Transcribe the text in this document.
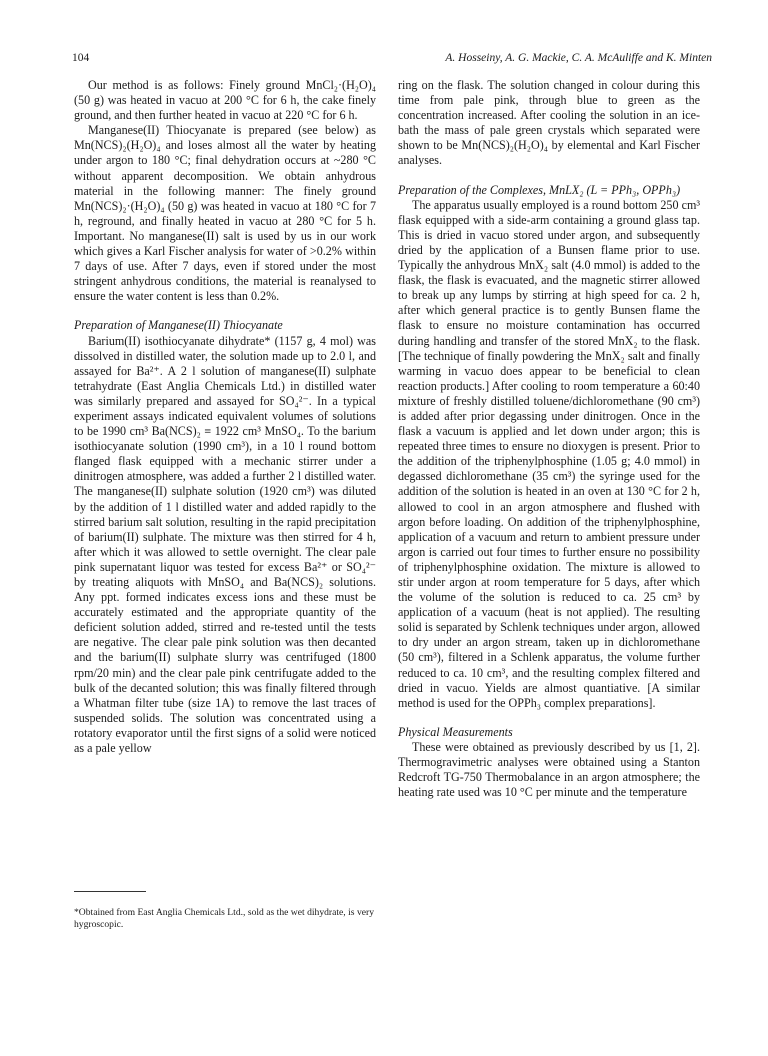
104	A. Hosseiny, A. G. Mackie, C. A. McAuliffe and K. Minten

Our method is as follows: Finely ground MnCl₂·(H₂O)₄ (50 g) was heated in vacuo at 200 °C for 6 h, the cake finely ground, and then further heated in vacuo at 220 °C for 6 h.

Manganese(II) Thiocyanate is prepared (see below) as Mn(NCS)₂(H₂O)₄ and loses almost all the water by heating under argon to 180 °C; final dehydration occurs at ~280 °C without apparent decomposition. We obtain anhydrous material in the following manner: The finely ground Mn(NCS)₂·(H₂O)₄ (50 g) was heated in vacuo at 180 °C for 7 h, reground, and finally heated in vacuo at 280 °C for 5 h. Important. No manganese(II) salt is used by us in our work which gives a Karl Fischer analysis for water of >0.2% within 7 days of use. After 7 days, even if stored under the most stringent anhydrous conditions, the material is reanalysed to ensure the water content is less than 0.2%.

Preparation of Manganese(II) Thiocyanate

Barium(II) isothiocyanate dihydrate* (1157 g, 4 mol) was dissolved in distilled water, the solution made up to 2.0 l, and assayed for Ba²⁺. A 2 l solution of manganese(II) sulphate tetrahydrate (East Anglia Chemicals Ltd.) in distilled water was similarly prepared and assayed for SO₄²⁻. In a typical experiment assays indicated equivalent volumes of solutions to be 1990 cm³ Ba(NCS)₂ ≡ 1922 cm³ MnSO₄. To the barium isothiocyanate solution (1990 cm³), in a 10 l round bottom flanged flask equipped with a mechanic stirrer under a dinitrogen atmosphere, was added a further 2 l distilled water. The manganese(II) sulphate solution (1920 cm³) was diluted by the addition of 1 l distilled water and added rapidly to the stirred barium salt solution, resulting in the rapid precipitation of barium(II) sulphate. The mixture was then stirred for 4 h, after which it was allowed to settle overnight. The clear pale pink supernatant liquor was tested for excess Ba²⁺ or SO₄²⁻ by treating aliquots with MnSO₄ and Ba(NCS)₂ solutions. Any ppt. formed indicates excess ions and these must be accurately estimated and the appropriate quantity of the deficient solution added, stirred and re-tested until the tests are negative. The clear pale pink solution was then decanted and the barium(II) sulphate slurry was centrifuged (1800 rpm/20 min) and the clear pale pink centrifugate added to the bulk of the decanted solution; this was finally filtered through a Whatman filter tube (size 1A) to remove the last traces of suspended solids. The solution was concentrated using a rotatory evaporator until the first signs of a solid were noticed as a pale yellow

*Obtained from East Anglia Chemicals Ltd., sold as the wet dihydrate, is very hygroscopic.

ring on the flask. The solution changed in colour during this time from pale pink, through blue to green as the concentration increased. After cooling the solution in an ice-bath the mass of pale green crystals which separated were shown to be Mn(NCS)₂(H₂O)₄ by elemental and Karl Fischer analyses.

Preparation of the Complexes, MnLX₂ (L = PPh₃, OPPh₃)

The apparatus usually employed is a round bottom 250 cm³ flask equipped with a side-arm containing a ground glass tap. This is dried in vacuo stored under argon, and subsequently dried by the application of a Bunsen flame prior to use. Typically the anhydrous MnX₂ salt (4.0 mmol) is added to the flask, the flask is evacuated, and the magnetic stirrer allowed to break up any lumps by stirring at high speed for ca. 2 h, after which general practice is to gently Bunsen flame the flask to ensure no moisture contamination has occurred during handling and transfer of the stored MnX₂ to the flask. [The technique of finally powdering the MnX₂ salt and finally warming in vacuo does appear to be beneficial to clean reaction products.] After cooling to room temperature a 60:40 mixture of freshly distilled toluene/dichloromethane (90 cm³) is added after prior degassing under dinitrogen. Once in the flask a vacuum is applied and let down under argon; this is repeated three times to ensure no dioxygen is present. Prior to the addition of the triphenylphosphine (1.05 g; 4.0 mmol) in degassed dichloromethane (35 cm³) the syringe used for the addition of the solution is heated in an oven at 130 °C for 2 h, allowed to cool in an argon atmosphere and flushed with argon before loading. On addition of the triphenylphosphine, application of a vacuum and return to ambient pressure under argon is carried out four times to further ensure no possibility of triphenylphosphine oxidation. The mixture is allowed to stir under argon at room temperature for 5 days, after which the volume of the solution is reduced to ca. 25 cm³ by application of a vacuum (heat is not applied). The resulting solid is separated by Schlenk techniques under argon, allowed to dry under an argon stream, taken up in dichloromethane (50 cm³), filtered in a Schlenk apparatus, the volume further reduced to ca. 10 cm³, and the resulting complex filtered and dried in vacuo. Yields are almost quantiative. [A similar method is used for the OPPh₃ complex preparations].

Physical Measurements

These were obtained as previously described by us [1, 2]. Thermogravimetric analyses were obtained using a Stanton Redcroft TG-750 Thermobalance in an argon atmosphere; the heating rate used was 10 °C per minute and the temperature
